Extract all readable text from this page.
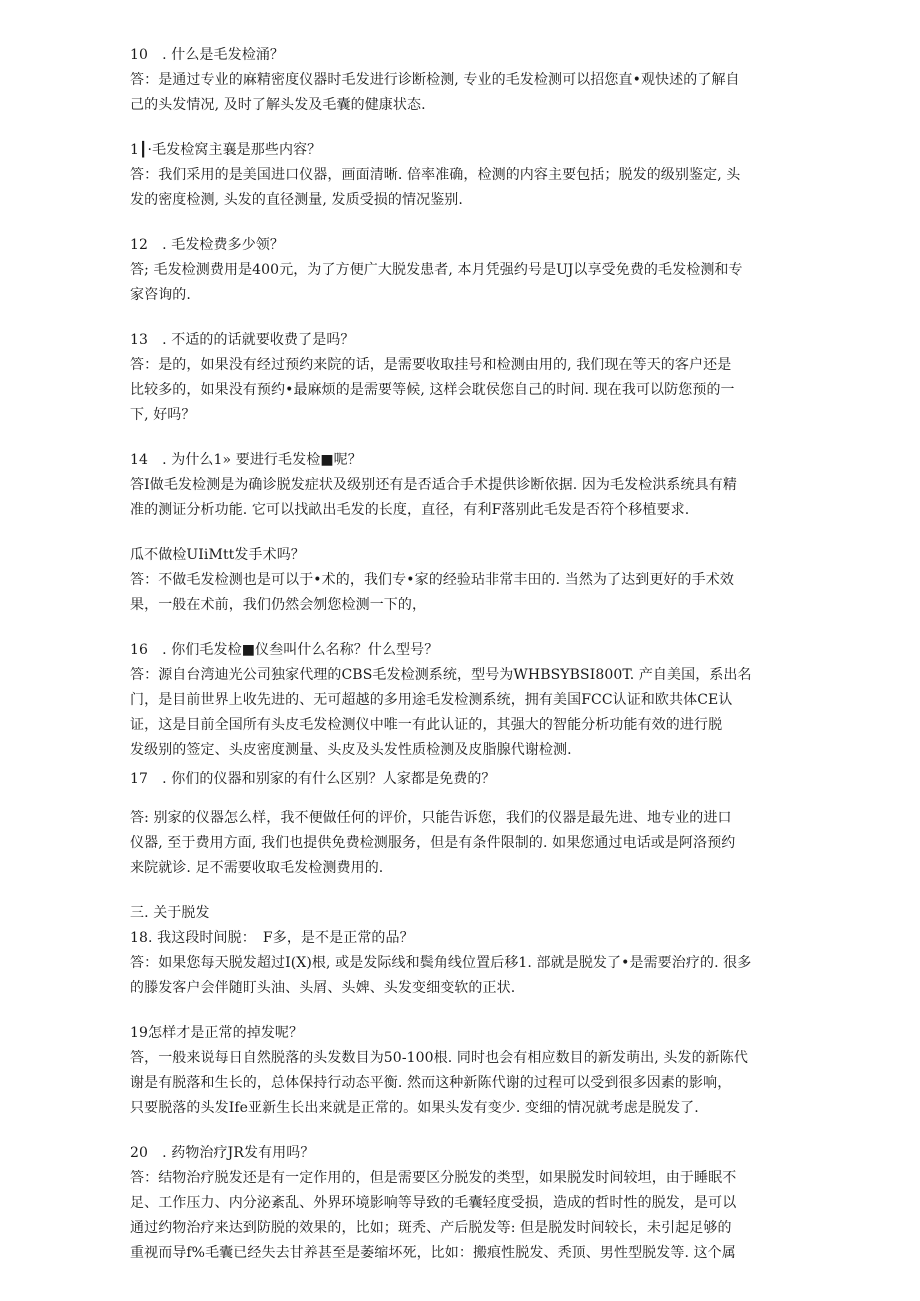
10　. 什么是毛发检涌？
答：是通过专业的麻精密度仪器时毛发进行诊断检测, 专业的毛发检测可以招您直•观快述的了解自
己的头发情况, 及时了解头发及毛囊的健康状态.
1┃·毛发检窝主襄是那些内容？
答：我们采用的是美国进口仪器，画面清晰. 倍率准确，检测的内容主要包括；脱发的级别鉴定, 头
发的密度检测, 头发的直径测量, 发质受损的情况鉴别.
12　. 毛发检费多少领？
答; 毛发检测费用是400元，为了方便广大脱发患者, 本月凭强约号是UJ以享受免费的毛发检测和专
家咨询的.
13　. 不适的的话就要收费了是吗？
答：是的，如果没有经过预约来院的话，是需要收取挂号和检测由用的, 我们现在等天的客户还是
比较多的，如果没有预约•最麻烦的是需要等候, 这样会耽侯您自己的时间. 现在我可以防您预的一
下, 好吗？
14　. 为什么1» 要进行毛发检■呢？
答I做毛发检测是为确诊脱发症状及级别还有是否适合手术提供诊断依据. 因为毛发检洪系统具有精
准的测证分析功能. 它可以找畝出毛发的长度，直径，有利F落别此毛发是否符个移植要求.
瓜不做检UIiMtt发手术吗？
答：不做毛发检测也是可以于•术的，我们专•家的经验玷非常丰田的. 当然为了达到更好的手术效
果，一般在术前，我们仍然会刎您检测一下的，
16　. 你们毛发检■仪叁叫什么名称？什么型号？
答：源自台湾迪光公司独家代理的CBS毛发检测系统，型号为WHBSYBSI800T. 产自美国，系出名
门，是目前世界上收先进的、无可超越的多用途毛发检测系统，拥有美国FCC认证和欧共体CE认
证，这是目前全国所有头皮毛发检测仪中唯一有此认证的，其强大的智能分析功能有效的进行脱
发级别的签定、头皮密度测量、头皮及头发性质检测及皮脂腺代谢检测.
17　. 你们的仪器和别家的有什么区别？人家都是免费的？
答: 别家的仪器怎么样，我不便做任何的评价，只能告诉您，我们的仪器是最先进、地专业的进口
仪器, 至于费用方面, 我们也提供免费检测服务，但是有条件限制的. 如果您通过电话或是阿洛预约
来院就诊. 足不需要收取毛发检测费用的.
三. 关于脱发
18. 我这段时间脱：　F多，是不是正常的品？
答：如果您每天脱发超过I(X)根, 或是发际线和鬓角线位置后移1. 部就是脱发了•是需要治疗的. 很多
的滕发客户会伴随盯头油、头屑、头婢、头发变细变软的正状.
19怎样才是正常的掉发呢？
答，一般来说每日自然脱落的头发数目为50-100根. 同时也会有相应数目的新发萌出, 头发的新陈代
谢是有脱落和生长的，总体保持行动态平衡. 然而这种新陈代谢的过程可以受到很多因素的影响，
只要脱落的头发Ife亚新生长出来就是正常的。如果头发有变少. 变细的情况就考虑是脱发了.
20　. 药物治疗JR发有用吗？
答：结物治疗脱发还是有一定作用的，但是需要区分脱发的类型，如果脱发时间较坦，由于睡眠不
足、工作压力、内分泌紊乱、外界环境影响等导致的毛囊轻度受损，造成的哲时性的脱发，是可以
通过约物治疗来达到防脱的效果的，比如；斑秃、产后脱发等: 但是脱发时间较长，未引起足够的
重视而导f%毛囊已经失去甘养甚至是萎缩坏死，比如：搬痕性脱发、秃顶、男性型脱发等. 这个属
